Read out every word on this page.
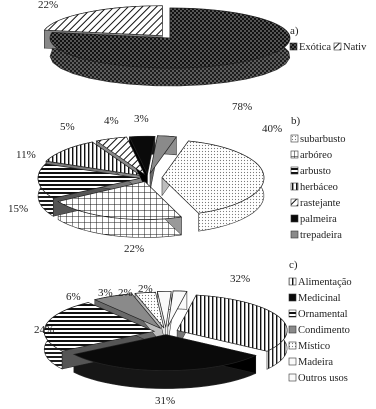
78%
22%
a)
Exótica Nativ
40%
22%
15%
11%
5%	4% 3%	b)
subarbusto
arbóreo
arbusto
herbáceo
rastejante
palmeira
trepadeira
32%
31%
24%
6% 3% 2% 2%
c)
Alimentação
Medicinal
Ornamental
Condimento
Místico
Madeira
Outros usos
